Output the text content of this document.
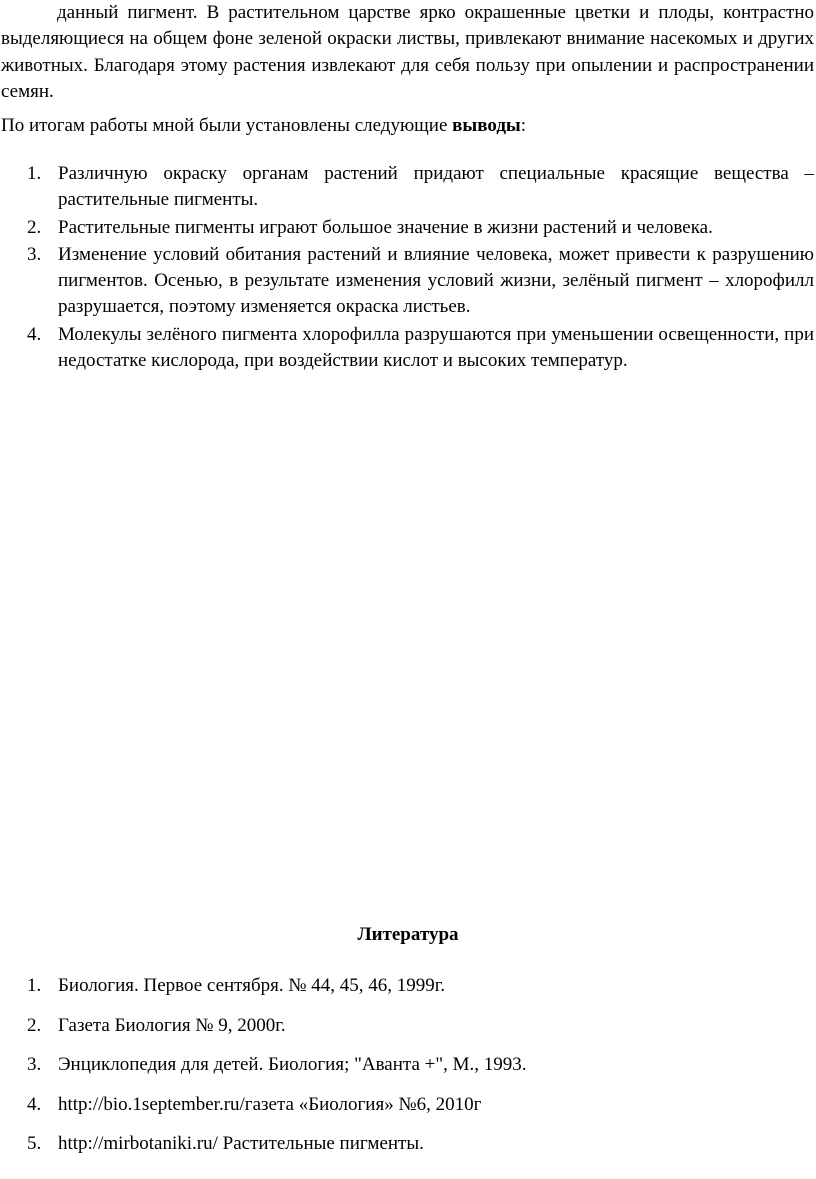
данный пигмент. В растительном царстве ярко окрашенные цветки и плоды, контрастно выделяющиеся на общем фоне зеленой окраски листвы, привлекают внимание насекомых и других животных. Благодаря этому растения извлекают для себя пользу при опылении и распространении семян.

По итогам работы мной были установлены следующие выводы:

1. Различную окраску органам растений придают специальные красящие вещества – растительные пигменты.
2. Растительные пигменты играют большое значение в жизни растений и человека.
3. Изменение условий обитания растений и влияние человека, может привести к разрушению пигментов. Осенью, в результате изменения условий жизни, зелёный пигмент – хлорофилл разрушается, поэтому изменяется окраска листьев.
4. Молекулы зелёного пигмента хлорофилла разрушаются при уменьшении освещенности, при недостатке кислорода, при воздействии кислот и высоких температур.
Литература
1. Биология. Первое сентября. № 44, 45, 46, 1999г.
2. Газета Биология № 9, 2000г.
3. Энциклопедия для детей. Биология; "Аванта +", М., 1993.
4. http://bio.1september.ru/газета «Биология» №6, 2010г
5. http://mirbotaniki.ru/ Растительные пигменты.
